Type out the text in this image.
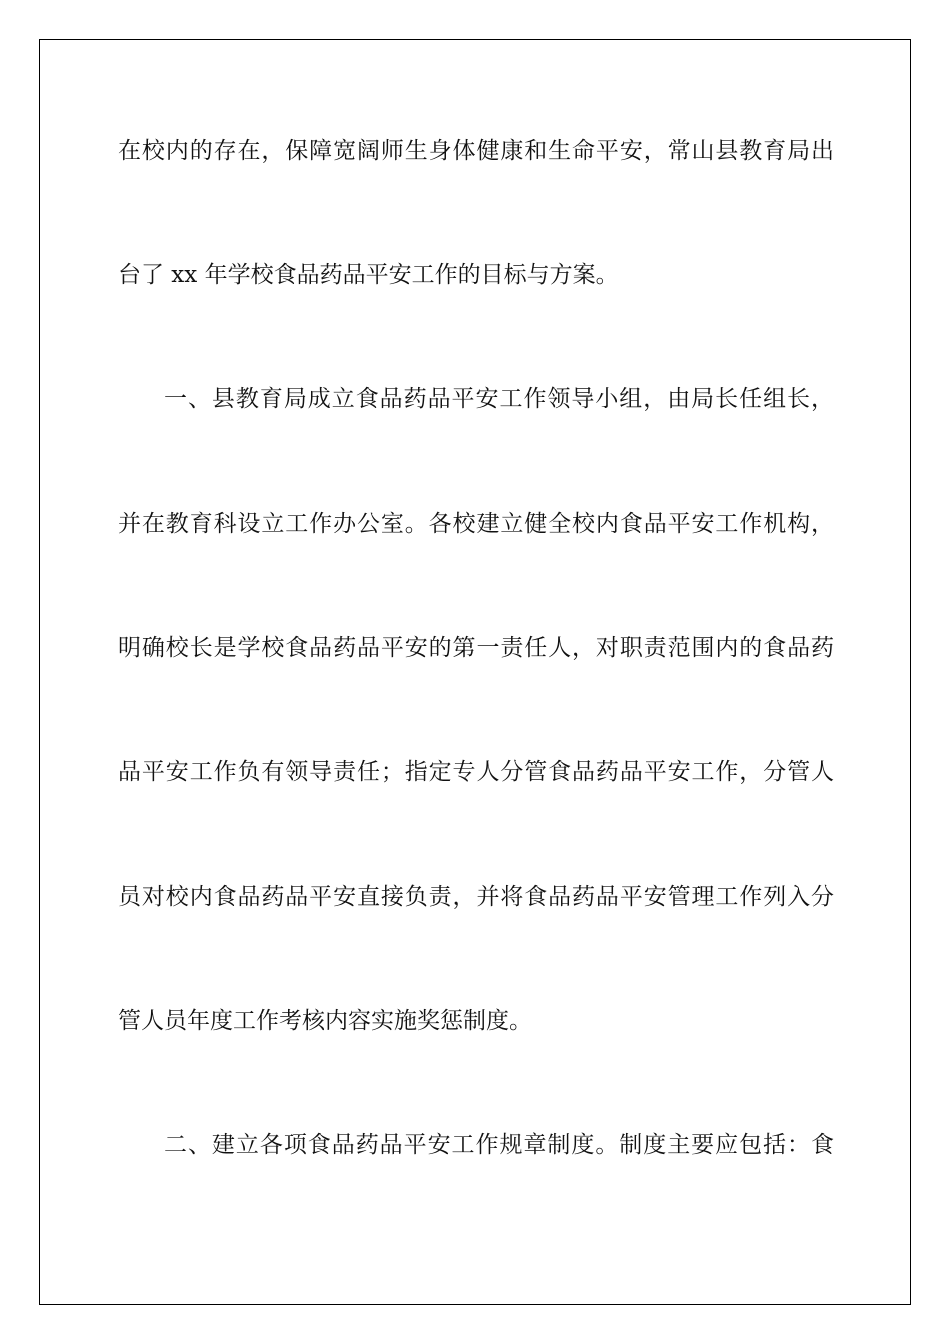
在校内的存在，保障宽阔师生身体健康和生命平安，常山县教育局出
台了 xx 年学校食品药品平安工作的目标与方案。
一、县教育局成立食品药品平安工作领导小组，由局长任组长，
并在教育科设立工作办公室。各校建立健全校内食品平安工作机构，
明确校长是学校食品药品平安的第一责任人，对职责范围内的食品药
品平安工作负有领导责任；指定专人分管食品药品平安工作，分管人
员对校内食品药品平安直接负责，并将食品药品平安管理工作列入分
管人员年度工作考核内容实施奖惩制度。
二、建立各项食品药品平安工作规章制度。制度主要应包括：食
